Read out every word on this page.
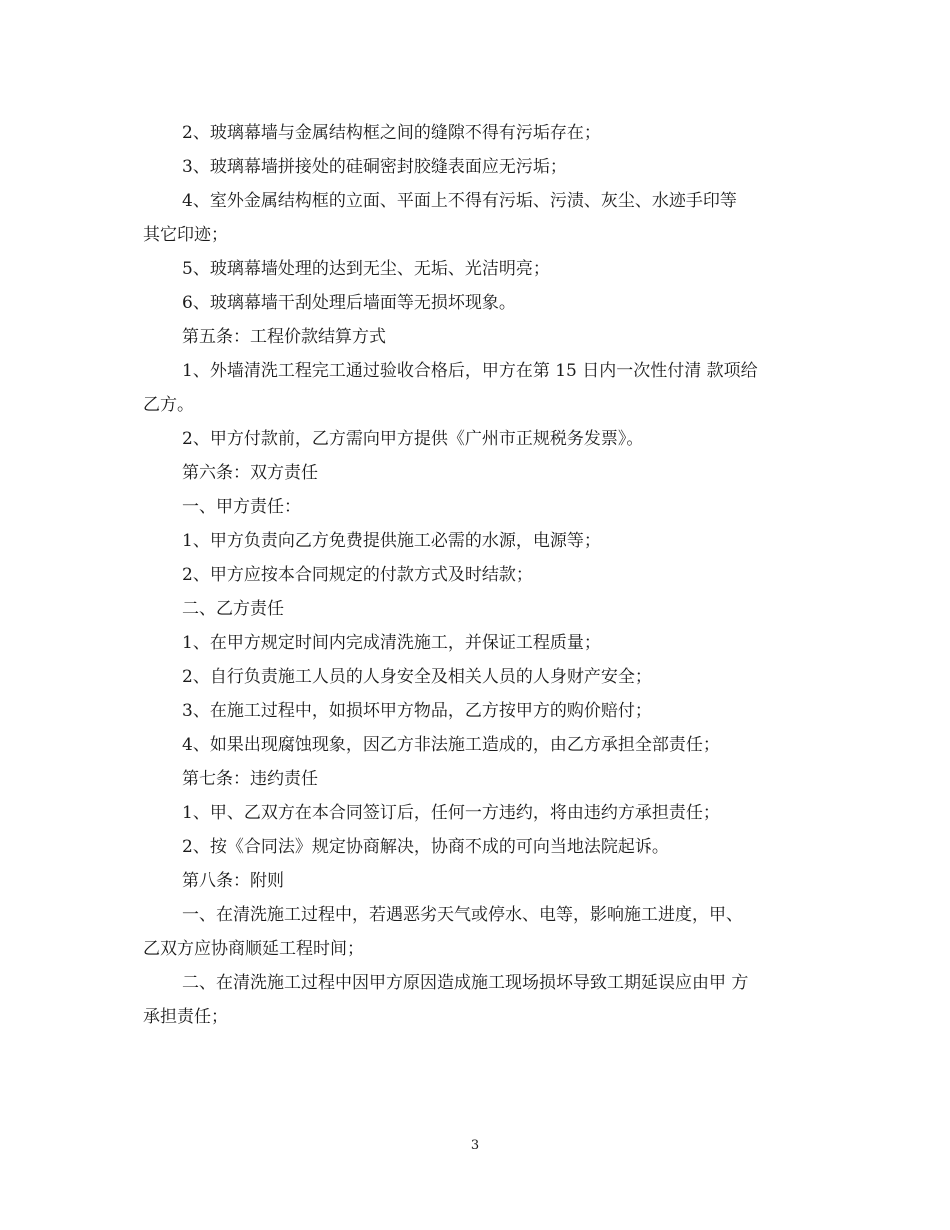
2、玻璃幕墙与金属结构框之间的缝隙不得有污垢存在；
3、玻璃幕墙拼接处的硅硐密封胶缝表面应无污垢；
4、室外金属结构框的立面、平面上不得有污垢、污渍、灰尘、水迹手印等
其它印迹；
5、玻璃幕墙处理的达到无尘、无垢、光洁明亮；
6、玻璃幕墙干刮处理后墙面等无损坏现象。
第五条：工程价款结算方式
1、外墙清洗工程完工通过验收合格后，甲方在第 15 日内一次性付清 款项给
乙方。
2、甲方付款前，乙方需向甲方提供《广州市正规税务发票》。
第六条：双方责任
一、甲方责任：
1、甲方负责向乙方免费提供施工必需的水源，电源等；
2、甲方应按本合同规定的付款方式及时结款；
二、乙方责任
1、在甲方规定时间内完成清洗施工，并保证工程质量；
2、自行负责施工人员的人身安全及相关人员的人身财产安全；
3、在施工过程中，如损坏甲方物品，乙方按甲方的购价赔付；
4、如果出现腐蚀现象，因乙方非法施工造成的，由乙方承担全部责任；
第七条：违约责任
1、甲、乙双方在本合同签订后，任何一方违约，将由违约方承担责任；
2、按《合同法》规定协商解决，协商不成的可向当地法院起诉。
第八条：附则
一、在清洗施工过程中，若遇恶劣天气或停水、电等，影响施工进度，甲、
乙双方应协商顺延工程时间；
二、在清洗施工过程中因甲方原因造成施工现场损坏导致工期延误应由甲 方
承担责任；
3
